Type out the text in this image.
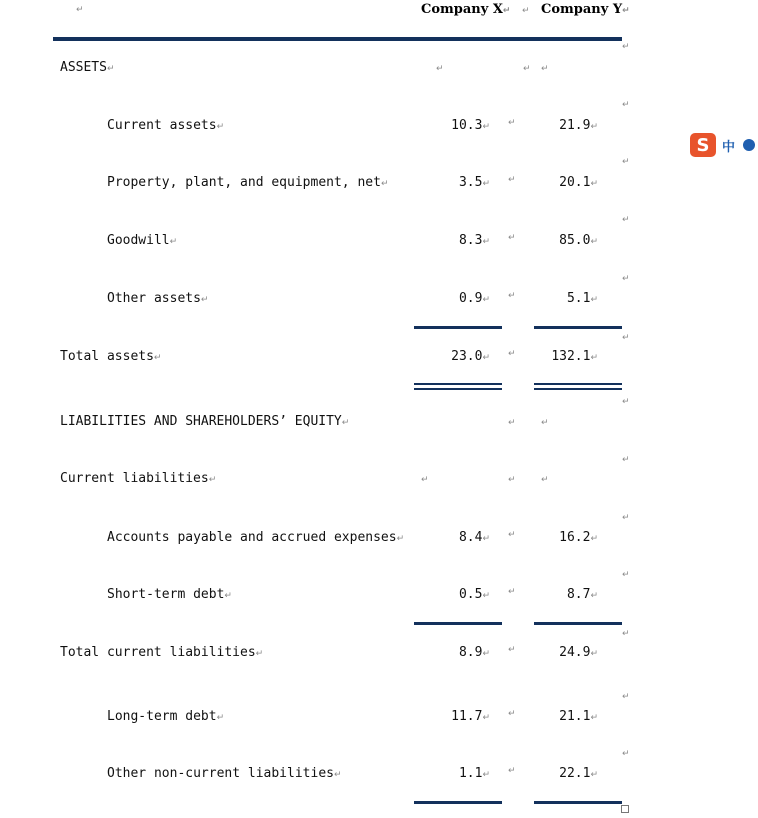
↵	Company X↵ ↵ Company Y↵
↵
ASSETS↵	↵	↵ ↵
↵
Current assets↵	10.3↵ ↵	21.9↵
↵
Property, plant, and equipment, net↵	3.5↵ ↵	20.1↵
↵
Goodwill↵	8.3↵ ↵	85.0↵
↵
Other assets↵	0.9↵ ↵	5.1↵
↵
Total assets↵	23.0↵ ↵	132.1↵
↵
LIABILITIES AND SHAREHOLDERS’ EQUITY↵	↵	↵
↵
Current liabilities↵	↵	↵	↵
↵
Accounts payable and accrued expenses↵	8.4↵ ↵	16.2↵
↵
Short-term debt↵	0.5↵ ↵	8.7↵
↵
Total current liabilities↵	8.9↵ ↵	24.9↵
↵
Long-term debt↵	11.7↵ ↵	21.1↵
↵
Other non-current liabilities↵	1.1↵ ↵	22.1↵
S 中
